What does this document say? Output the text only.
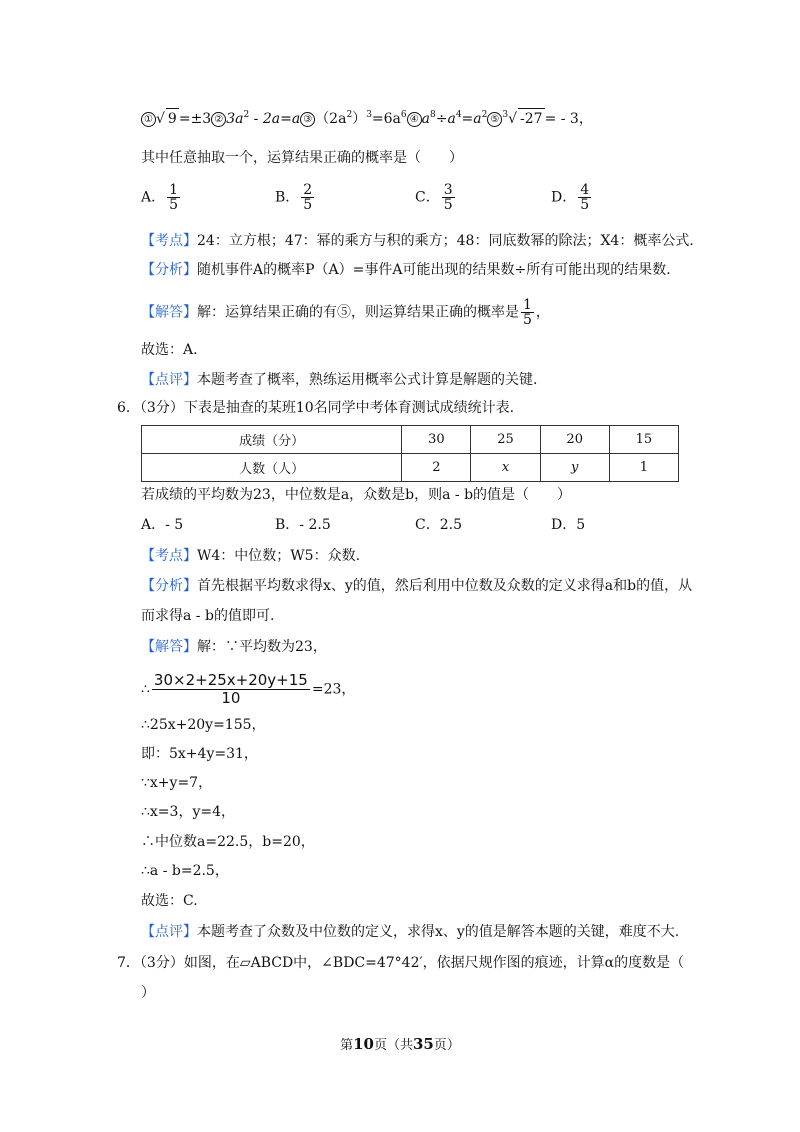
① √ 9 =±3 ② $3a^2 - 2a=a$ ③ $(2a^2)^3=6a^6$ ④ $a^8\div a^4=a^2$ ⑤ $^3$√ -27 = - 3，
其中任意抽取一个，运算结果正确的概率是（　　）
A． $\frac{1}{5}$	B． $\frac{2}{5}$	C． $\frac{3}{5}$	D． $\frac{4}{5}$
【考点】24：立方根；47：幂的乘方与积的乘方；48：同底数幂的除法；X4：概率公式.
【分析】随机事件A的概率P（A）=事件A可能出现的结果数÷所有可能出现的结果数.
【解答】解：运算结果正确的有⑤，则运算结果正确的概率是 $\frac{1}{5}$ ，
故选：A.
【点评】本题考查了概率，熟练运用概率公式计算是解题的关键.
6．（3分）下表是抽查的某班10名同学中考体育测试成绩统计表.
成绩（分）	30	25	20	15
人数（人）	2	x	y	1
若成绩的平均数为23，中位数是a，众数是b，则a - b的值是（　　）
A．- 5	B．- 2.5	C．2.5	D．5
【考点】W4：中位数；W5：众数.
【分析】首先根据平均数求得x、y的值，然后利用中位数及众数的定义求得a和b的值，从
而求得a - b的值即可.
【解答】解：∵平均数为23，
∴ $\frac{30\times 2+25x+20y+15}{10} =23$，
∴25x+20y=155，
即：5x+4y=31，
∵x+y=7，
∴x=3，y=4，
∴中位数a=22.5，b=20，
∴a - b=2.5，
故选：C.
【点评】本题考查了众数及中位数的定义，求得x、y的值是解答本题的关键，难度不大.
7．（3分）如图，在▱ABCD中，∠BDC=47°42′，依据尺规作图的痕迹，计算α的度数是（
）
第10页（共35页）
